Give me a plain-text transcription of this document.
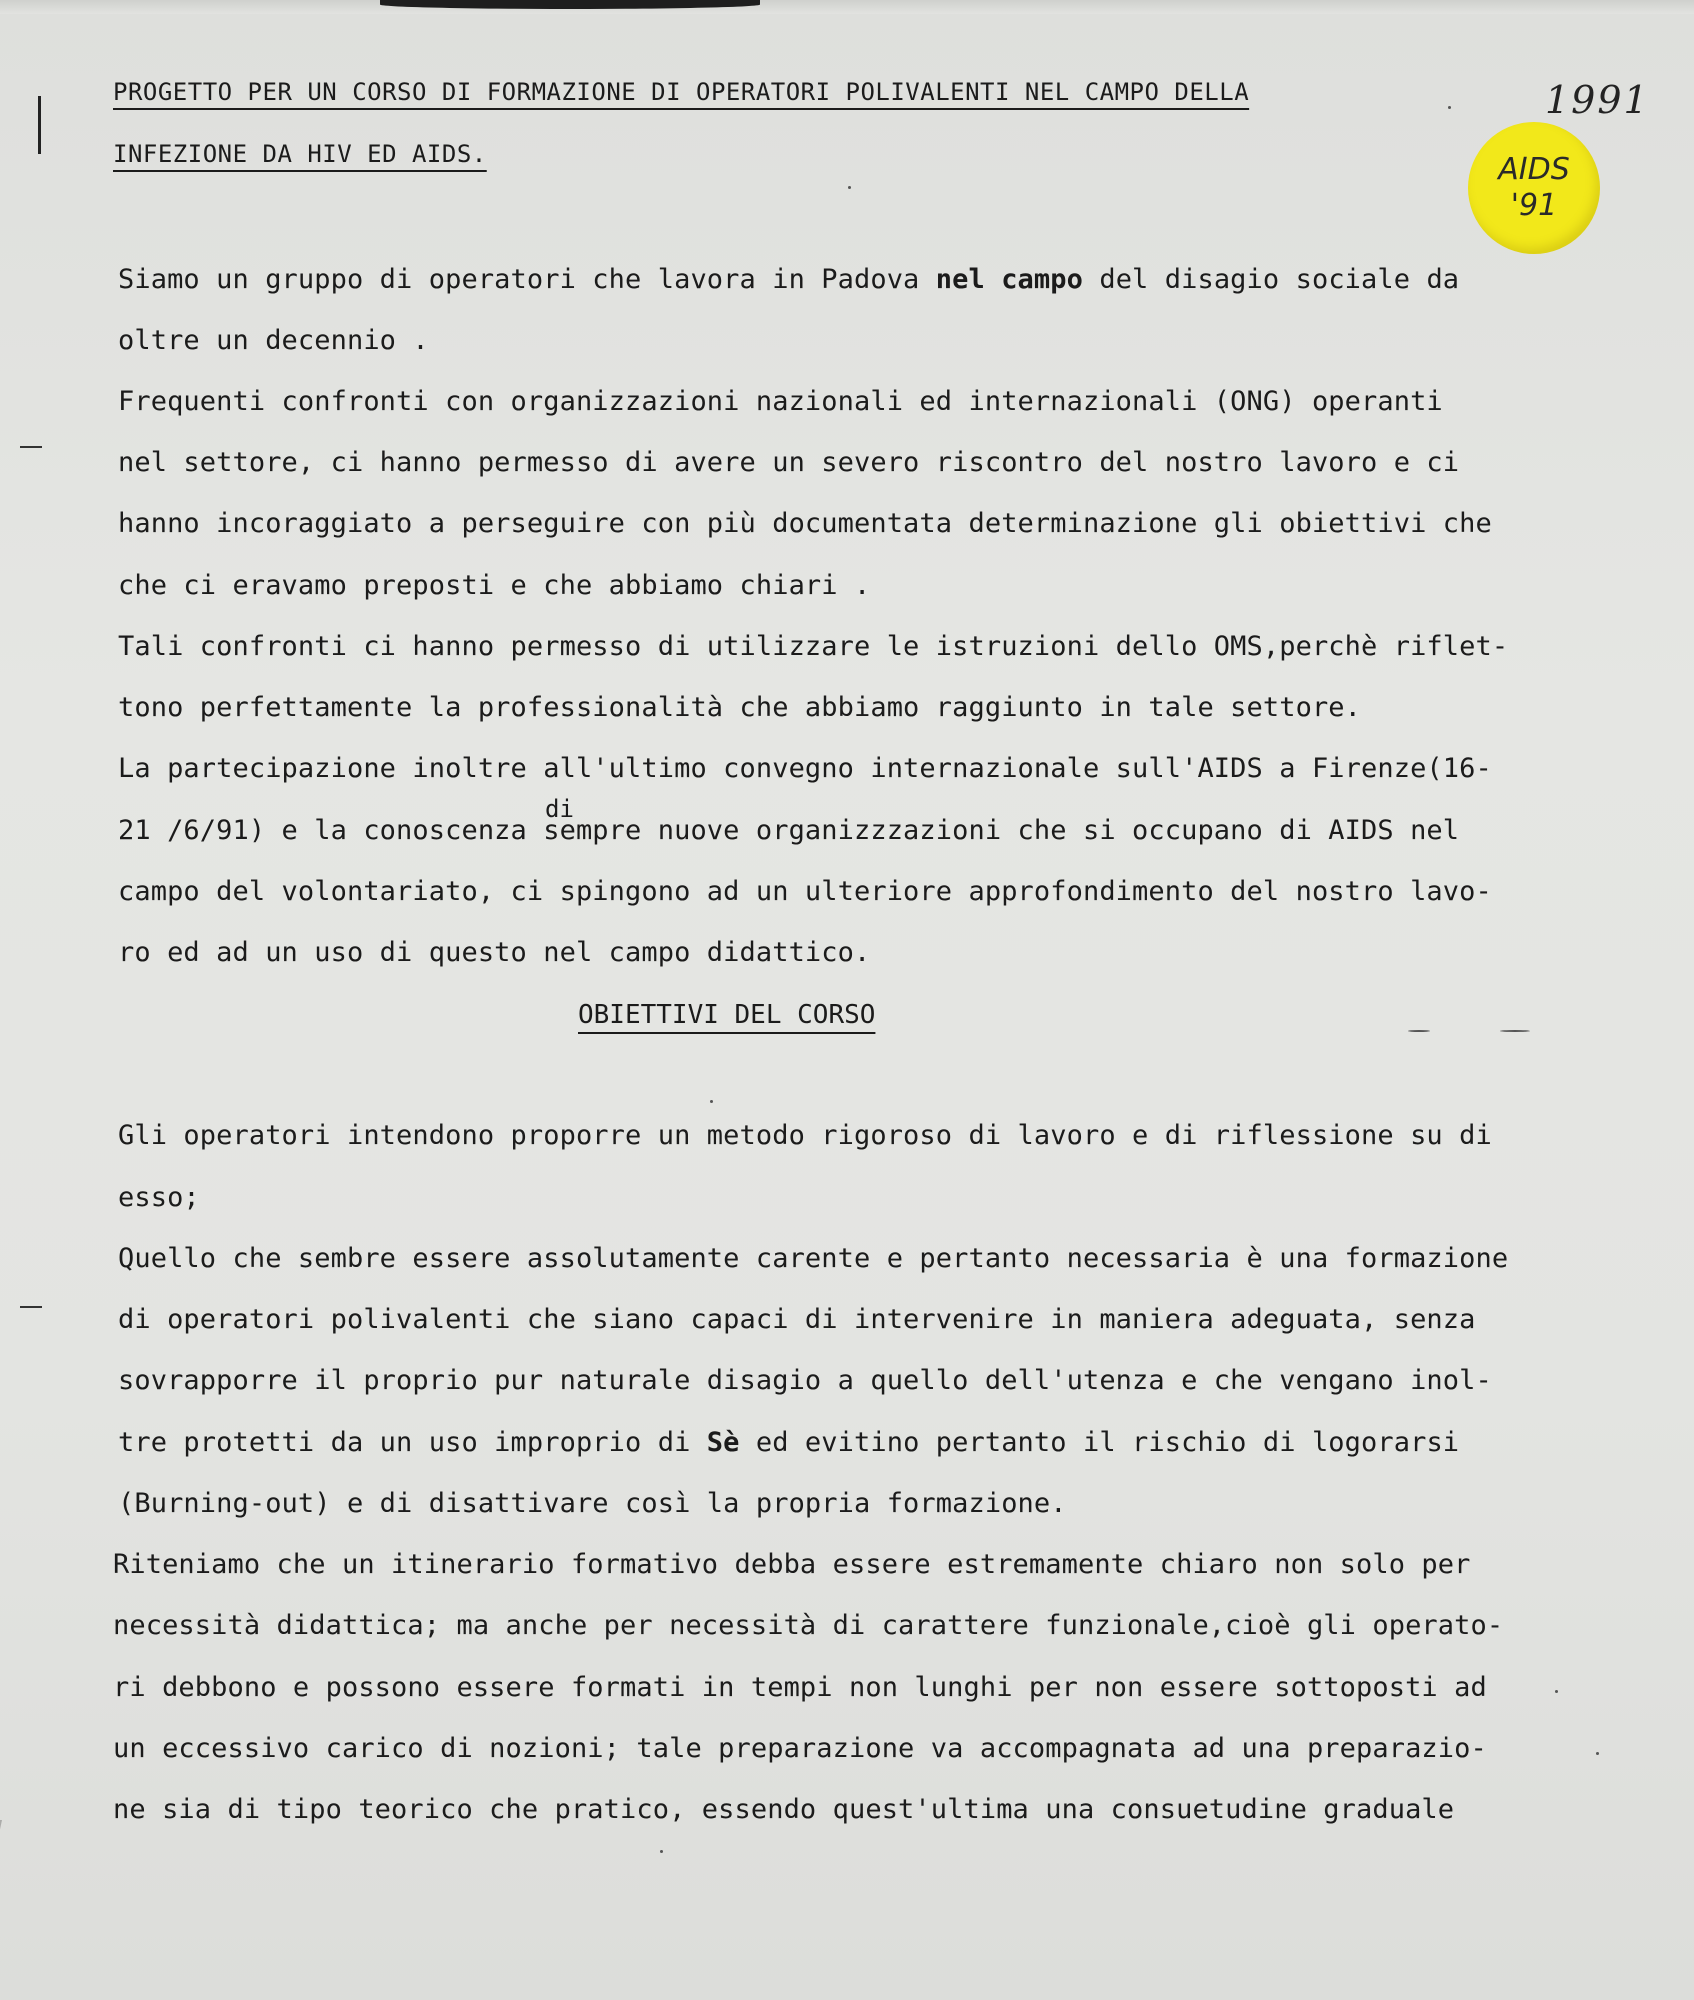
1991
AIDS
'91
PROGETTO PER UN CORSO DI FORMAZIONE DI OPERATORI POLIVALENTI NEL CAMPO DELLA
INFEZIONE DA HIV ED AIDS.
Siamo un gruppo di operatori che lavora in Padova nel campo del disagio sociale da
oltre un decennio .
Frequenti confronti con organizzazioni nazionali ed internazionali (ONG) operanti
nel settore, ci hanno permesso di avere un severo riscontro del nostro lavoro e ci
hanno incoraggiato a perseguire con più documentata determinazione gli obiettivi che
che ci eravamo preposti e che abbiamo chiari .
Tali confronti ci hanno permesso di utilizzare le istruzioni dello OMS,perchè riflet-
tono perfettamente la professionalità che abbiamo raggiunto in tale settore.
La partecipazione inoltre all'ultimo convegno internazionale sull'AIDS a Firenze(16-
di
21 /6/91) e la conoscenza sempre nuove organizzzazioni che si occupano di AIDS nel
campo del volontariato, ci spingono ad un ulteriore approfondimento del nostro lavo-
ro ed ad un uso di questo nel campo didattico.
OBIETTIVI DEL CORSO
Gli operatori intendono proporre un metodo rigoroso di lavoro e di riflessione su di
esso;
Quello che sembre essere assolutamente carente e pertanto necessaria è una formazione
di operatori polivalenti che siano capaci di intervenire in maniera adeguata, senza
sovrapporre il proprio pur naturale disagio a quello dell'utenza e che vengano inol-
tre protetti da un uso improprio di Sè ed evitino pertanto il rischio di logorarsi
(Burning-out) e di disattivare così la propria formazione.
Riteniamo che un itinerario formativo debba essere estremamente chiaro non solo per
necessità didattica; ma anche per necessità di carattere funzionale,cioè gli operato-
ri debbono e possono essere formati in tempi non lunghi per non essere sottoposti ad
un eccessivo carico di nozioni; tale preparazione va accompagnata ad una preparazio-
ne sia di tipo teorico che pratico, essendo quest'ultima una consuetudine graduale
